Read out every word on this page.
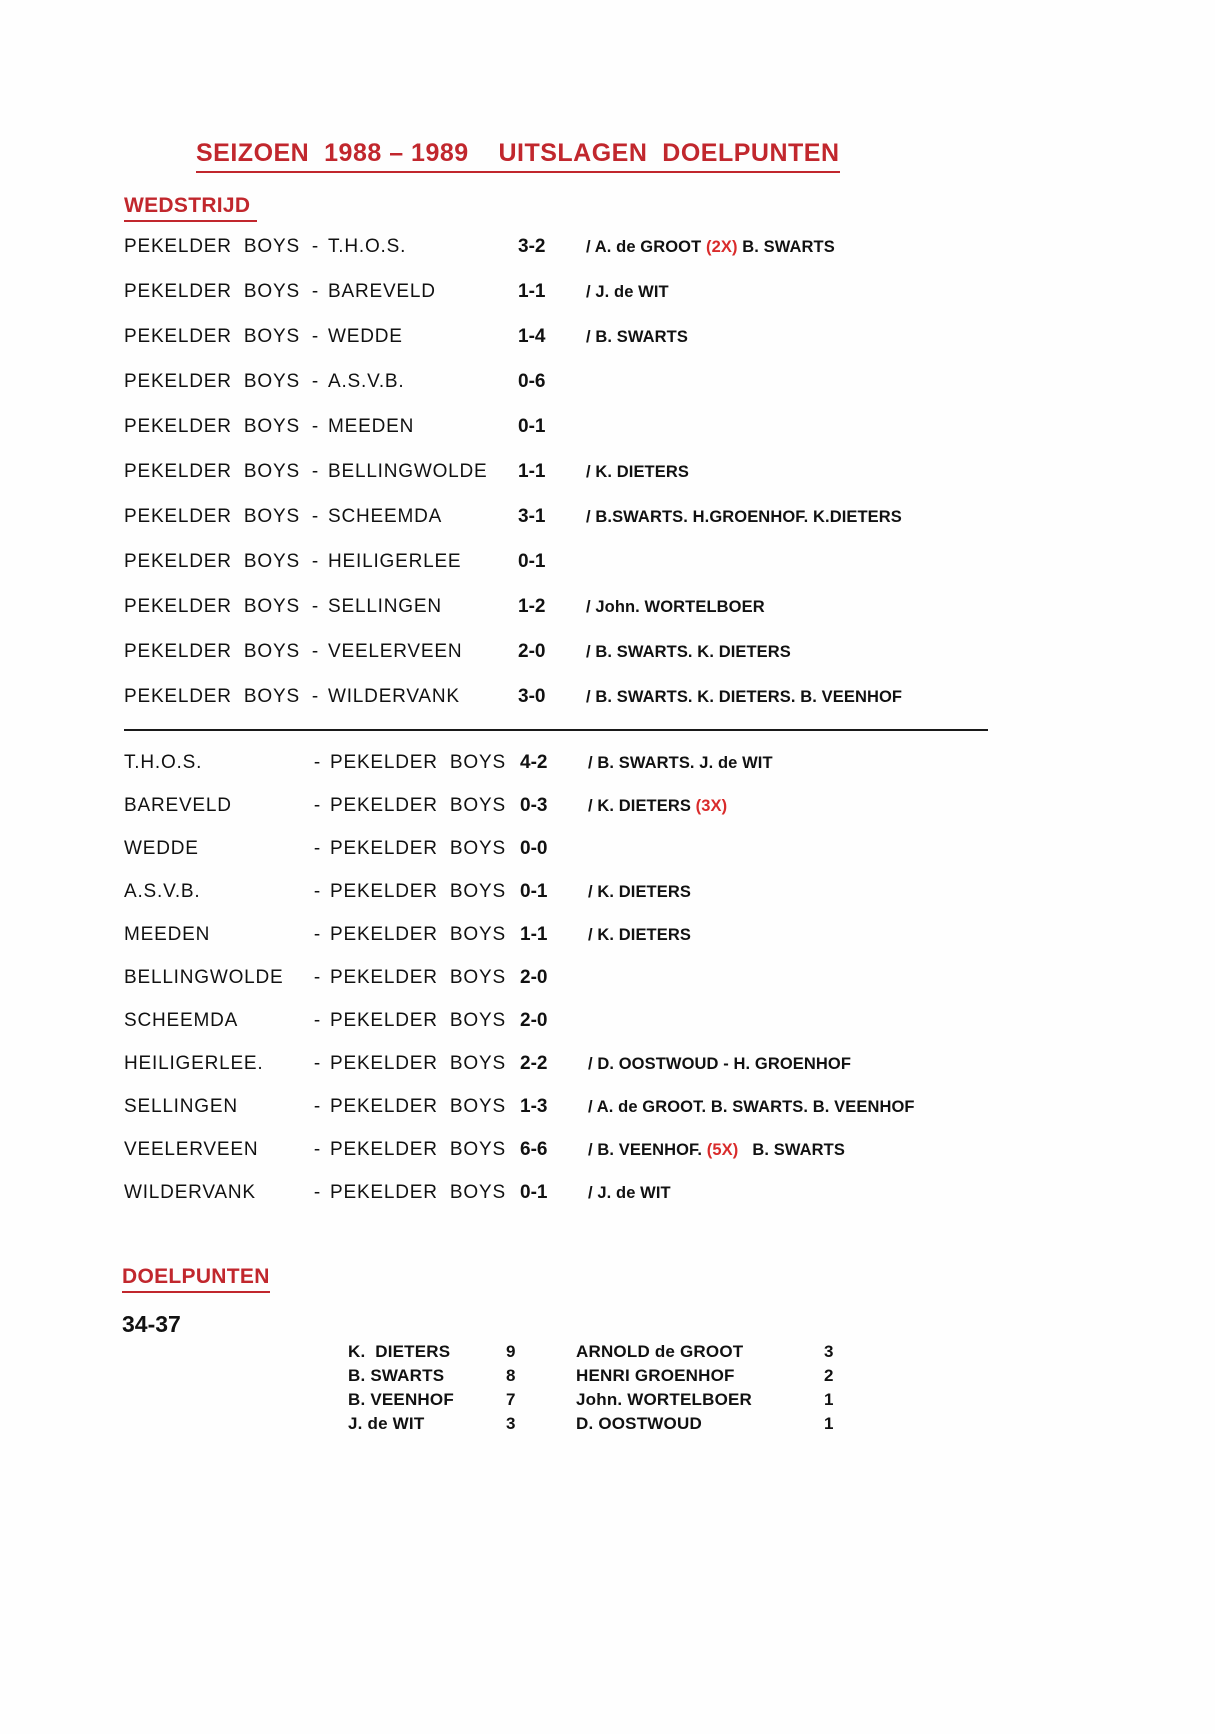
SEIZOEN  1988 – 1989    UITSLAGEN  DOELPUNTEN
WEDSTRIJD
PEKELDER  BOYS - T.H.O.S.	3-2	/ A. de GROOT (2X) B. SWARTS
PEKELDER  BOYS - BAREVELD	1-1	/ J. de WIT
PEKELDER  BOYS - WEDDE	1-4	/ B. SWARTS
PEKELDER  BOYS - A.S.V.B.	0-6
PEKELDER  BOYS - MEEDEN	0-1
PEKELDER  BOYS - BELLINGWOLDE	1-1	/ K. DIETERS
PEKELDER  BOYS - SCHEEMDA	3-1	/ B.SWARTS. H.GROENHOF. K.DIETERS
PEKELDER  BOYS - HEILIGERLEE	0-1
PEKELDER  BOYS - SELLINGEN	1-2	/ John. WORTELBOER
PEKELDER  BOYS - VEELERVEEN	2-0	/ B. SWARTS. K. DIETERS
PEKELDER  BOYS - WILDERVANK	3-0	/ B. SWARTS. K. DIETERS. B. VEENHOF
T.H.O.S.	- PEKELDER  BOYS 4-2	/ B. SWARTS. J. de WIT
BAREVELD	- PEKELDER  BOYS 0-3	/ K. DIETERS (3X)
WEDDE	- PEKELDER  BOYS 0-0
A.S.V.B.	- PEKELDER  BOYS 0-1	/ K. DIETERS
MEEDEN	- PEKELDER  BOYS 1-1	/ K. DIETERS
BELLINGWOLDE	- PEKELDER  BOYS 2-0
SCHEEMDA	- PEKELDER  BOYS 2-0
HEILIGERLEE.	- PEKELDER  BOYS 2-2	/ D. OOSTWOUD - H. GROENHOF
SELLINGEN	- PEKELDER  BOYS 1-3	/ A. de GROOT. B. SWARTS. B. VEENHOF
VEELERVEEN	- PEKELDER  BOYS 6-6	/ B. VEENHOF. (5X)   B. SWARTS
WILDERVANK	- PEKELDER  BOYS 0-1	/ J. de WIT
DOELPUNTEN
34-37
K.  DIETERS	9	ARNOLD de GROOT	3
B. SWARTS	8	HENRI GROENHOF	2
B. VEENHOF	7	John. WORTELBOER	1
J. de WIT	3	D. OOSTWOUD	1
